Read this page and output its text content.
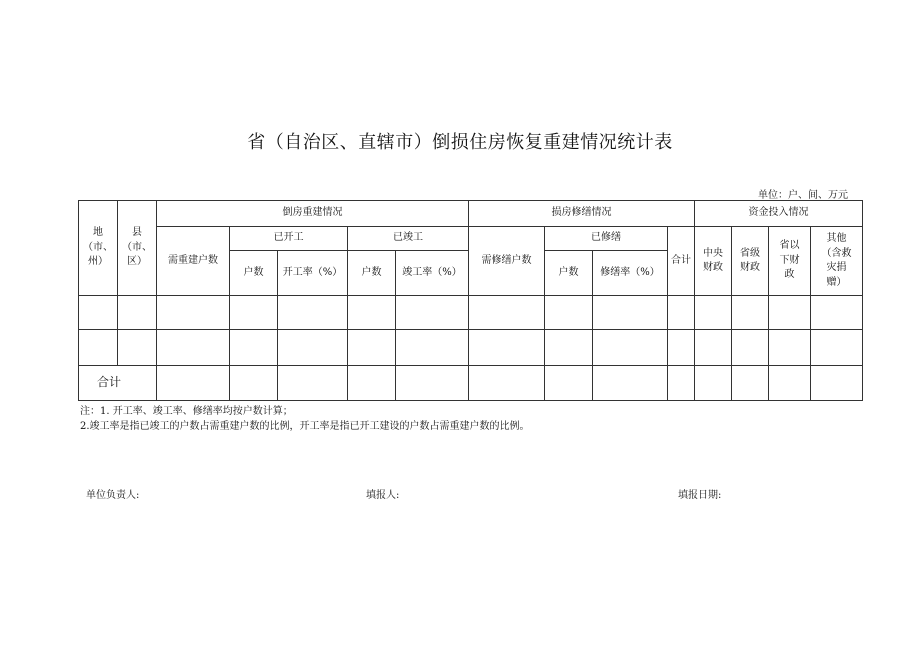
省（自治区、直辖市）倒损住房恢复重建情况统计表
单位：户、间、万元
地（市、州）	县（市、区）	倒房重建情况					损房修缮情况				资金投入情况			
		需重建户数	已开工		已竣工		需修缮户数	已修缮		合计	中央财政	省级财政	省以下财政	其他（含救灾捐赠）
			户数	开工率（%）	户数	竣工率（%）		户数	修缮率（%）					

合计														
注：1. 开工率、竣工率、修缮率均按户数计算；
2.竣工率是指已竣工的户数占需重建户数的比例，开工率是指已开工建设的户数占需重建户数的比例。
单位负责人:	填报人:	填报日期:
